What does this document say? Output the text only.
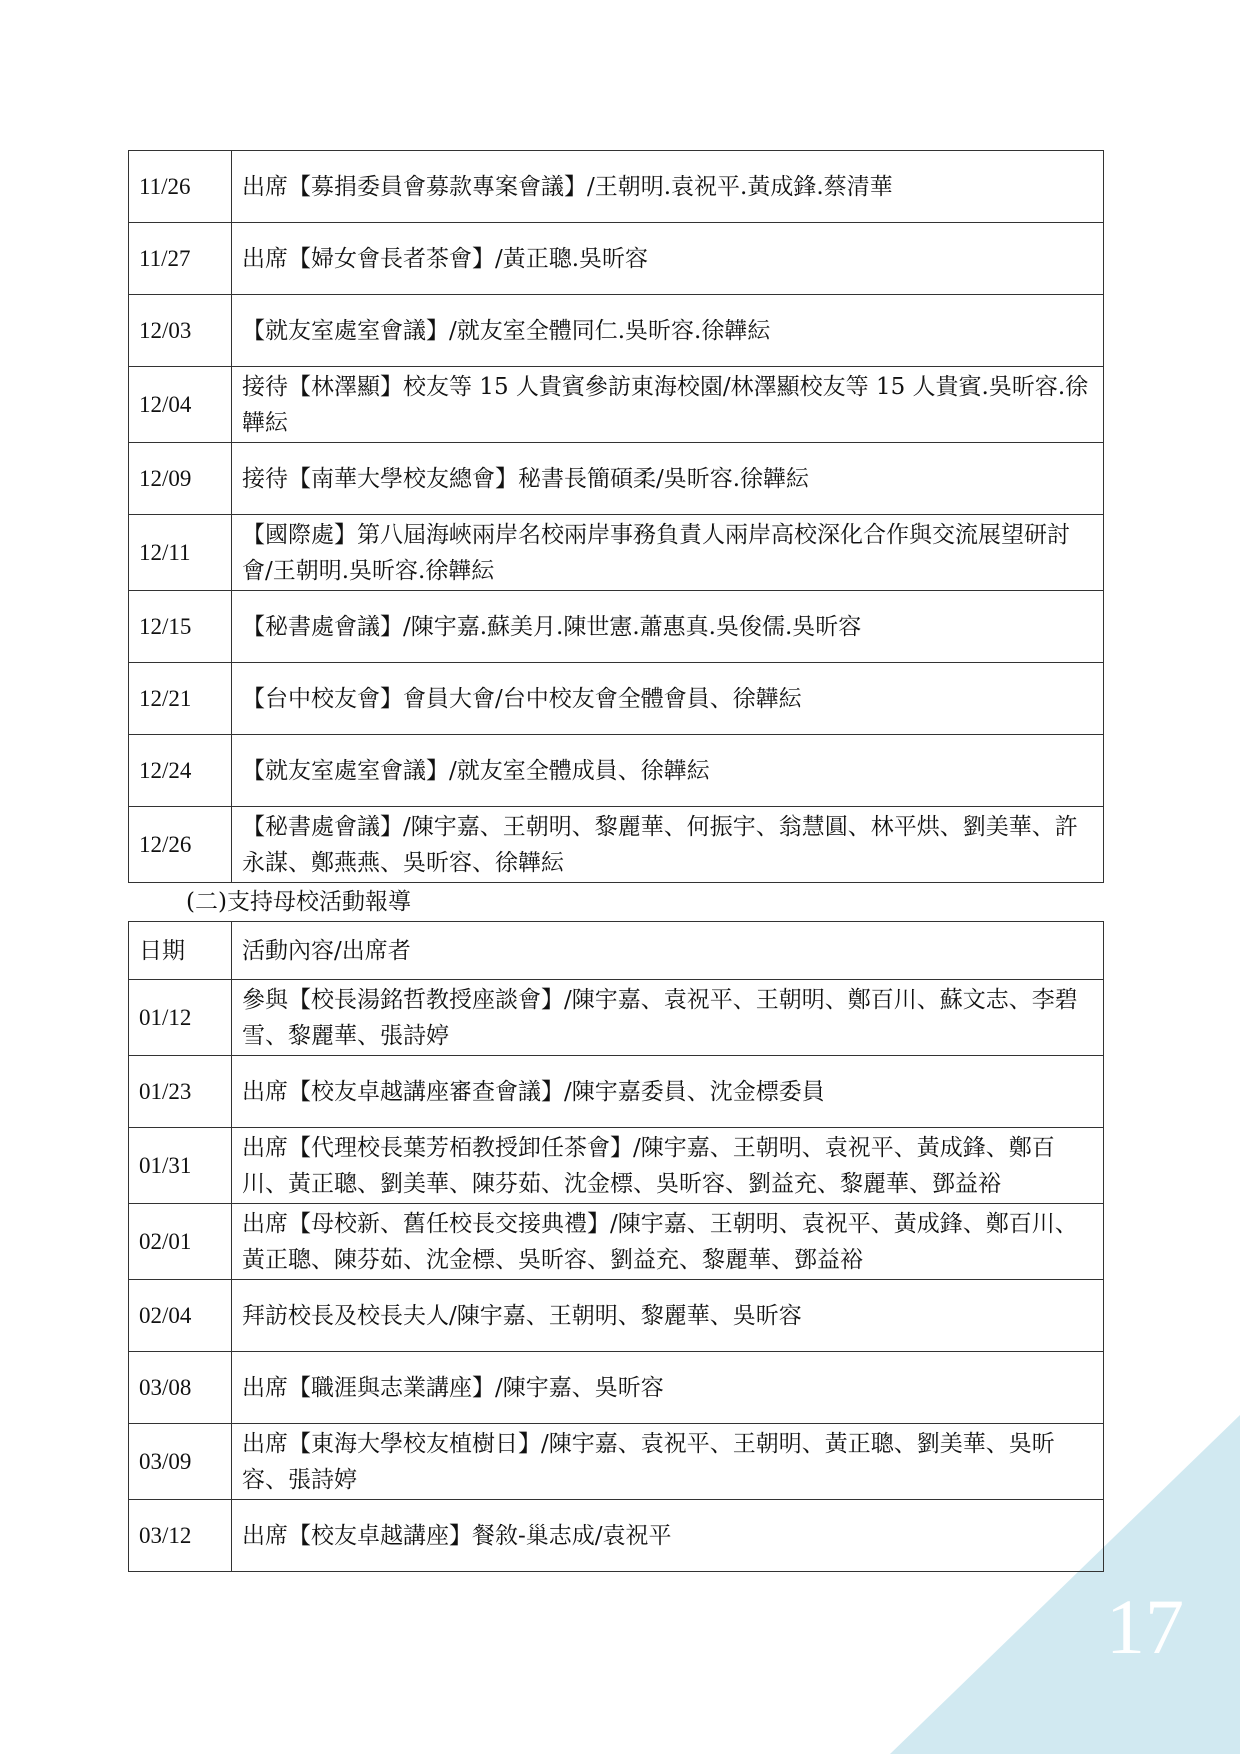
17
11/26	出席【募捐委員會募款專案會議】/王朝明.袁祝平.黃成鋒.蔡清華
11/27	出席【婦女會長者茶會】/黃正聰.吳昕容
12/03	【就友室處室會議】/就友室全體同仁.吳昕容.徐韡紜
12/04	接待【林澤顯】校友等 15 人貴賓參訪東海校園/林澤顯校友等 15 人貴賓.吳昕容.徐韡紜
12/09	接待【南華大學校友總會】秘書長簡碩柔/吳昕容.徐韡紜
12/11	【國際處】第八屆海峽兩岸名校兩岸事務負責人兩岸高校深化合作與交流展望研討會/王朝明.吳昕容.徐韡紜
12/15	【秘書處會議】/陳宇嘉.蘇美月.陳世憲.蕭惠真.吳俊儒.吳昕容
12/21	【台中校友會】會員大會/台中校友會全體會員、徐韡紜
12/24	【就友室處室會議】/就友室全體成員、徐韡紜
12/26	【秘書處會議】/陳宇嘉、王朝明、黎麗華、何振宇、翁慧圓、林平烘、劉美華、許永謀、鄭燕燕、吳昕容、徐韡紜
(二)支持母校活動報導
日期	活動內容/出席者
01/12	參與【校長湯銘哲教授座談會】/陳宇嘉、袁祝平、王朝明、鄭百川、蘇文志、李碧雪、黎麗華、張詩婷
01/23	出席【校友卓越講座審查會議】/陳宇嘉委員、沈金標委員
01/31	出席【代理校長葉芳栢教授卸任茶會】/陳宇嘉、王朝明、袁祝平、黃成鋒、鄭百川、黃正聰、劉美華、陳芬茹、沈金標、吳昕容、劉益充、黎麗華、鄧益裕
02/01	出席【母校新、舊任校長交接典禮】/陳宇嘉、王朝明、袁祝平、黃成鋒、鄭百川、黃正聰、陳芬茹、沈金標、吳昕容、劉益充、黎麗華、鄧益裕
02/04	拜訪校長及校長夫人/陳宇嘉、王朝明、黎麗華、吳昕容
03/08	出席【職涯與志業講座】/陳宇嘉、吳昕容
03/09	出席【東海大學校友植樹日】/陳宇嘉、袁祝平、王朝明、黃正聰、劉美華、吳昕容、張詩婷
03/12	出席【校友卓越講座】餐敘-巢志成/袁祝平
